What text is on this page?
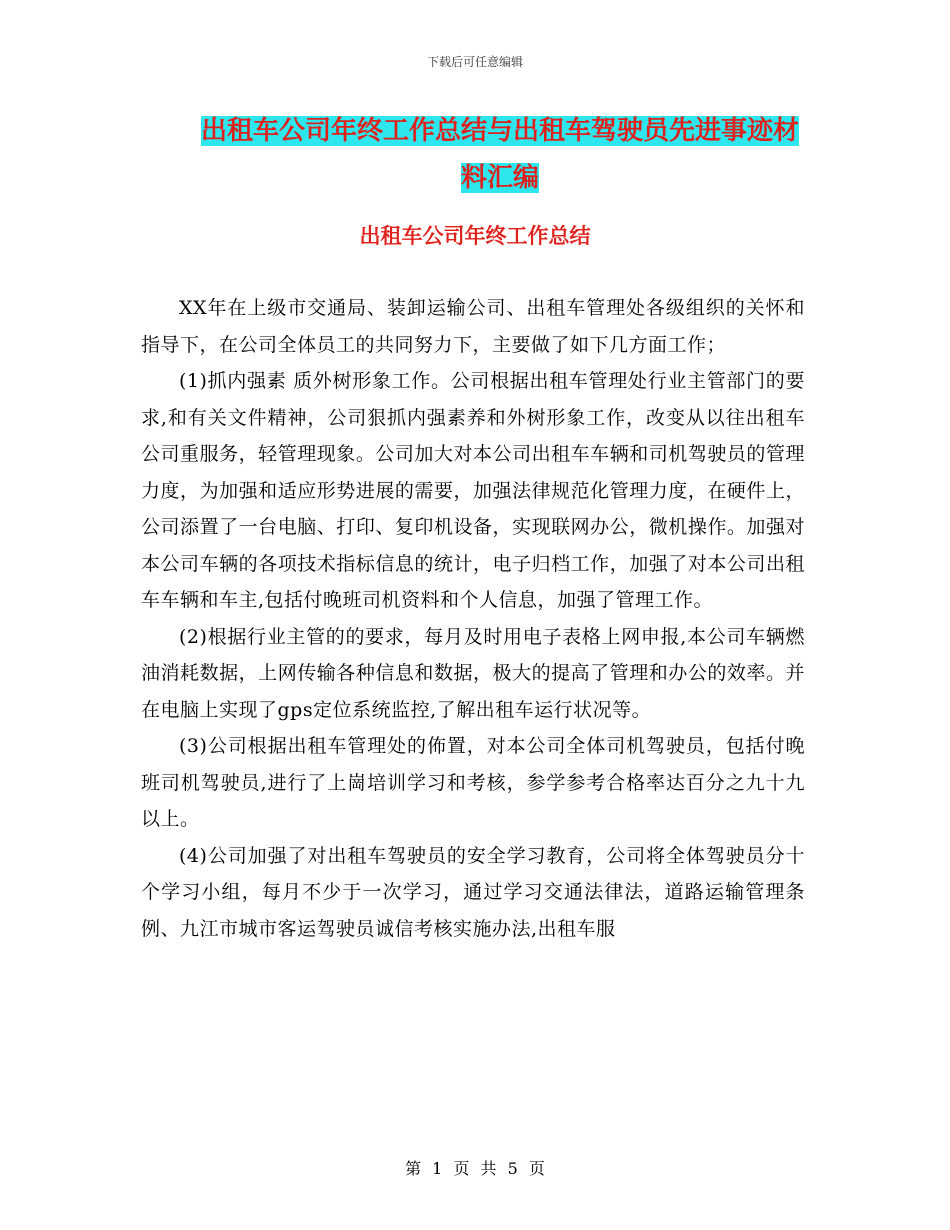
下载后可任意编辑
出租车公司年终工作总结与出租车驾驶员先进事迹材
料汇编
出租车公司年终工作总结

XX年在上级市交通局、装卸运输公司、出租车管理处各级组织的关怀和指导下，在公司全体员工的共同努力下，主要做了如下几方面工作；

(1)抓内强素 质外树形象工作。公司根据出租车管理处行业主管部门的要求,和有关文件精神，公司狠抓内强素养和外树形象工作，改变从以往出租车公司重服务，轻管理现象。公司加大对本公司出租车车辆和司机驾驶员的管理力度，为加强和适应形势进展的需要，加强法律规范化管理力度，在硬件上，公司添置了一台电脑、打印、复印机设备，实现联网办公，微机操作。加强对本公司车辆的各项技术指标信息的统计，电子归档工作，加强了对本公司出租车车辆和车主,包括付晚班司机资料和个人信息，加强了管理工作。

(2)根据行业主管的的要求，每月及时用电子表格上网申报,本公司车辆燃油消耗数据，上网传输各种信息和数据，极大的提高了管理和办公的效率。并在电脑上实现了gps定位系统监控,了解出租车运行状况等。

(3)公司根据出租车管理处的佈置，对本公司全体司机驾驶员，包括付晚班司机驾驶员,进行了上崗培训学习和考核，参学参考合格率达百分之九十九以上。

(4)公司加强了对出租车驾驶员的安全学习教育，公司将全体驾驶员分十个学习小组，每月不少于一次学习，通过学习交通法律法，道路运输管理条例、九江市城市客运驾驶员诚信考核实施办法,出租车服

第 1 页 共 5 页
